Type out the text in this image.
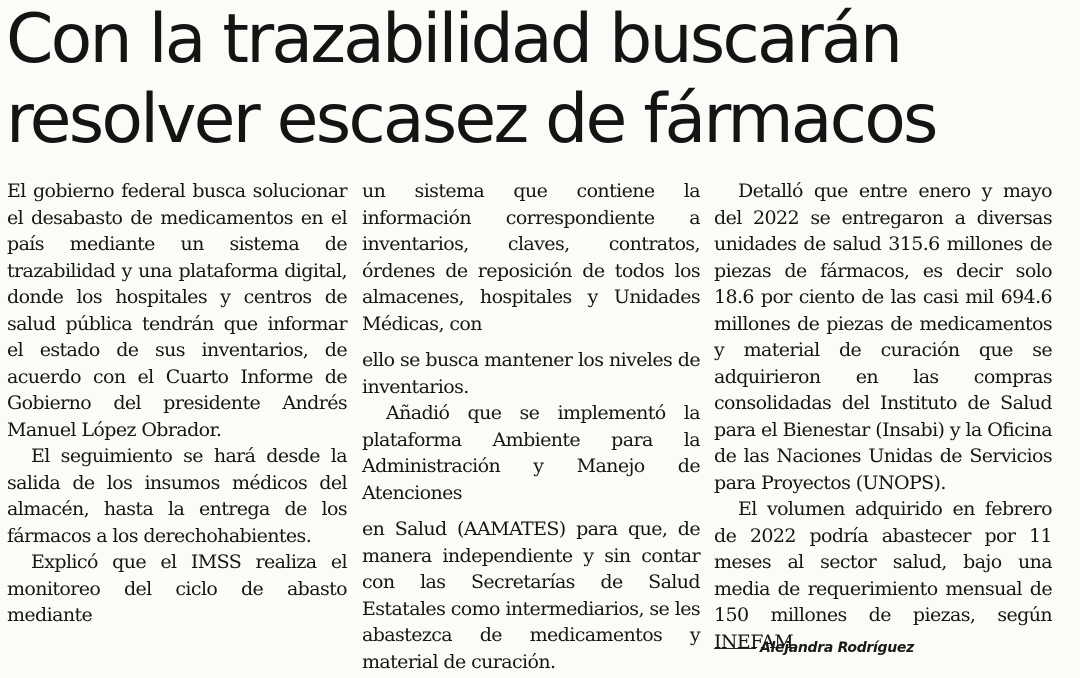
Con la trazabilidad buscarán
resolver escasez de fármacos

El gobierno federal busca solucionar el desabasto de medicamentos en el país mediante un sistema de trazabilidad y una plataforma digital, donde los hospitales y centros de salud pública tendrán que informar el estado de sus inventarios, de acuerdo con el Cuarto Informe de Gobierno del presidente Andrés Manuel López Obrador.

El seguimiento se hará desde la salida de los insumos médicos del almacén, hasta la entrega de los fármacos a los derechohabientes.

Explicó que el IMSS realiza el monitoreo del ciclo de abasto mediante

un sistema que contiene la información correspondiente a inventarios, claves, contratos, órdenes de reposición de todos los almacenes, hospitales y Unidades Médicas, con

ello se busca mantener los niveles de inventarios.

Añadió que se implementó la plataforma Ambiente para la Administración y Manejo de Atenciones

en Salud (AAMATES) para que, de manera independiente y sin contar con las Secretarías de Salud Estatales como intermediarios, se les abastezca de medicamentos y material de curación.

Detalló que entre enero y mayo del 2022 se entregaron a diversas unidades de salud 315.6 millones de piezas de fármacos, es decir solo 18.6 por ciento de las casi mil 694.6 millones de piezas de medicamentos y material de curación que se adquirieron en las compras consolidadas del Instituto de Salud para el Bienestar (Insabi) y la Oficina de las Naciones Unidas de Servicios para Proyectos (UNOPS).

El volumen adquirido en febrero de 2022 podría abastecer por 11 meses al sector salud, bajo una media de requerimiento mensual de 150 millones de piezas, según INEFAM.

Alejandra Rodríguez
